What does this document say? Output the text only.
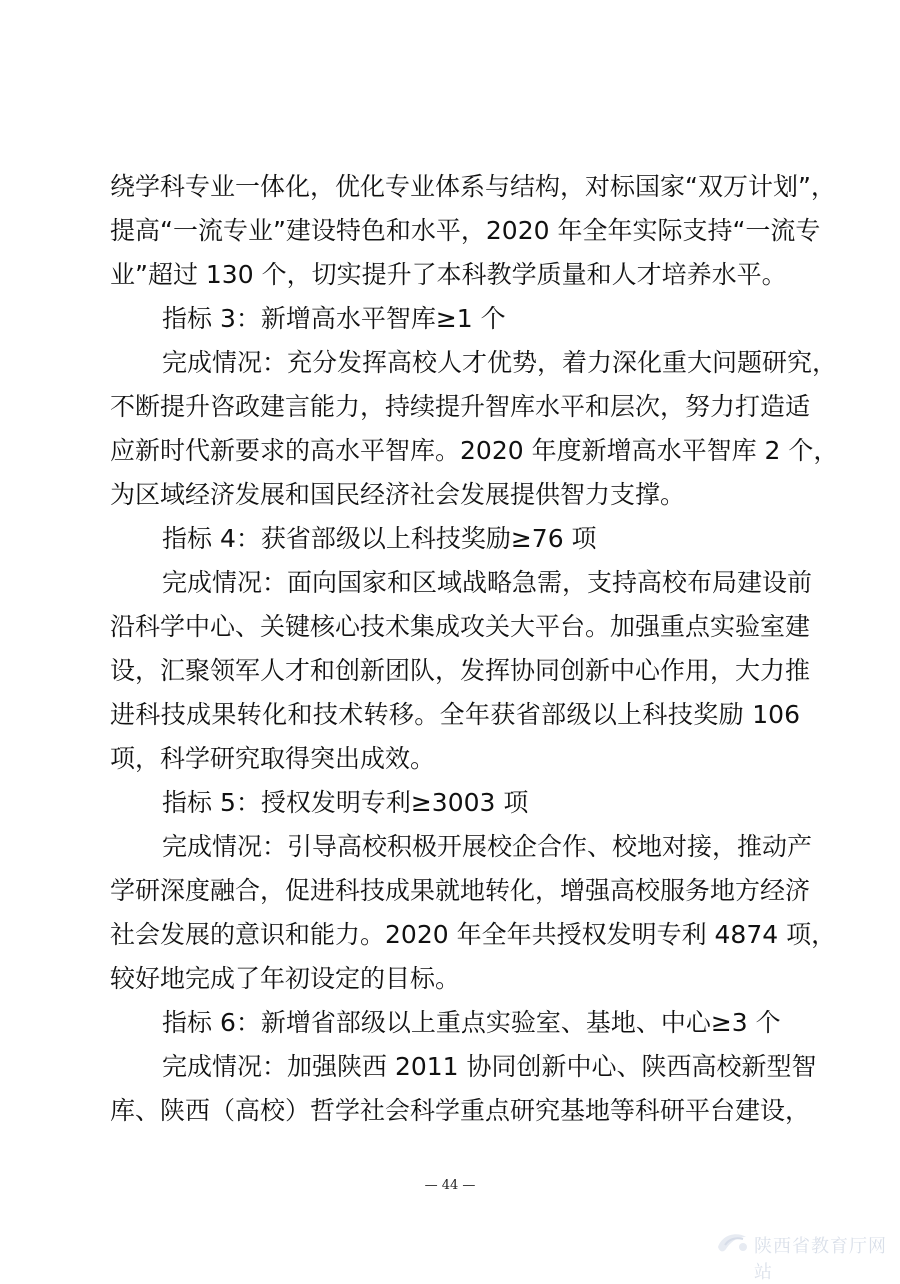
绕学科专业一体化，优化专业体系与结构，对标国家“双万计划”，

提高“一流专业”建设特色和水平，2020 年全年实际支持“一流专

业”超过 130 个，切实提升了本科教学质量和人才培养水平。

指标 3：新增高水平智库≥1 个

完成情况：充分发挥高校人才优势，着力深化重大问题研究，

不断提升咨政建言能力，持续提升智库水平和层次，努力打造适

应新时代新要求的高水平智库。2020 年度新增高水平智库 2 个，

为区域经济发展和国民经济社会发展提供智力支撑。

指标 4：获省部级以上科技奖励≥76 项

完成情况：面向国家和区域战略急需，支持高校布局建设前

沿科学中心、关键核心技术集成攻关大平台。加强重点实验室建

设，汇聚领军人才和创新团队，发挥协同创新中心作用，大力推

进科技成果转化和技术转移。全年获省部级以上科技奖励 106

项，科学研究取得突出成效。

指标 5：授权发明专利≥3003 项

完成情况：引导高校积极开展校企合作、校地对接，推动产

学研深度融合，促进科技成果就地转化，增强高校服务地方经济

社会发展的意识和能力。2020 年全年共授权发明专利 4874 项，

较好地完成了年初设定的目标。

指标 6：新增省部级以上重点实验室、基地、中心≥3 个

完成情况：加强陕西 2011 协同创新中心、陕西高校新型智

库、陕西（高校）哲学社会科学重点研究基地等科研平台建设，

— 44 —
陕西省教育厅网站
